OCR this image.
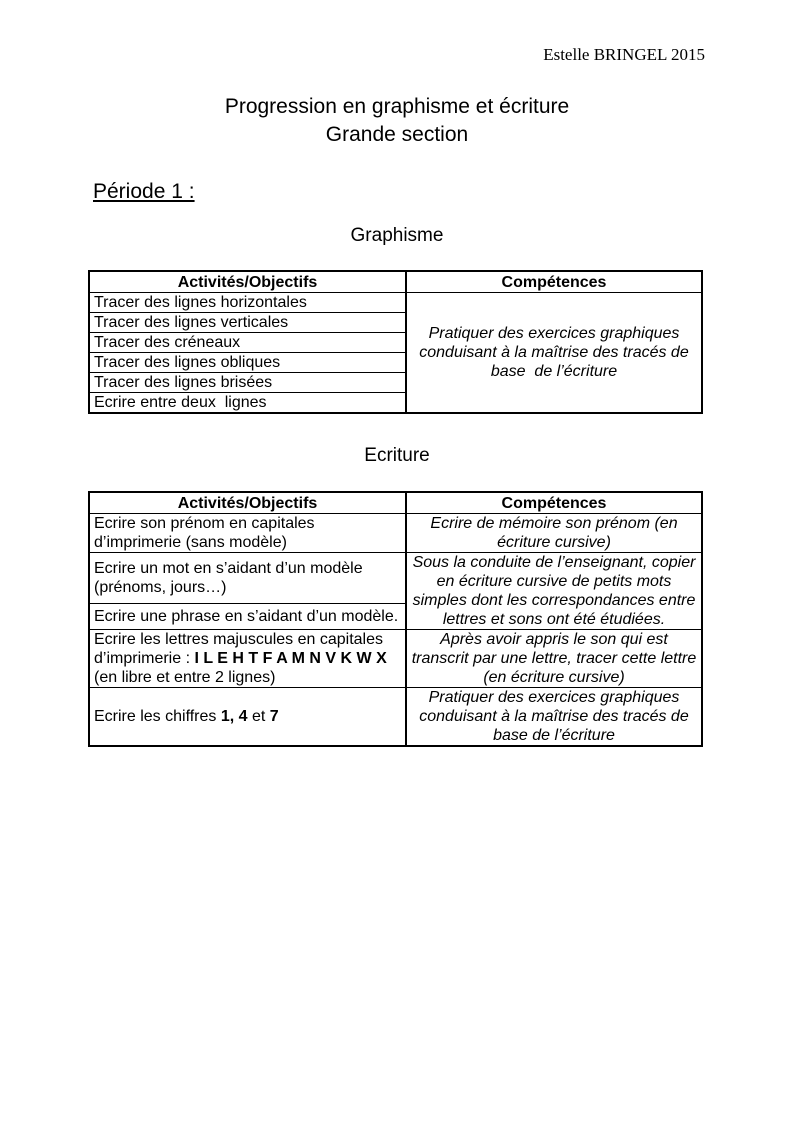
Estelle BRINGEL 2015
Progression en graphisme et écriture
Grande section
Période 1 :
Graphisme
Activités/Objectifs	Compétences
Tracer des lignes horizontales	Pratiquer des exercices graphiques conduisant à la maîtrise des tracés de base  de l’écriture
Tracer des lignes verticales	
Tracer des créneaux	
Tracer des lignes obliques	
Tracer des lignes brisées	
Ecrire entre deux  lignes	
Ecriture
Activités/Objectifs	Compétences
Ecrire son prénom en capitales d’imprimerie (sans modèle)	Ecrire de mémoire son prénom (en écriture cursive)
Ecrire un mot en s’aidant d’un modèle (prénoms, jours…)	Sous la conduite de l’enseignant, copier en écriture cursive de petits mots simples dont les correspondances entre lettres et sons ont été étudiées.
Ecrire une phrase en s’aidant d’un modèle.	
Ecrire les lettres majuscules en capitales d’imprimerie : I L E H T F A M N V K W X (en libre et entre 2 lignes)	Après avoir appris le son qui est transcrit par une lettre, tracer cette lettre (en écriture cursive)
Ecrire les chiffres 1, 4 et 7	Pratiquer des exercices graphiques conduisant à la maîtrise des tracés de base de l’écriture
